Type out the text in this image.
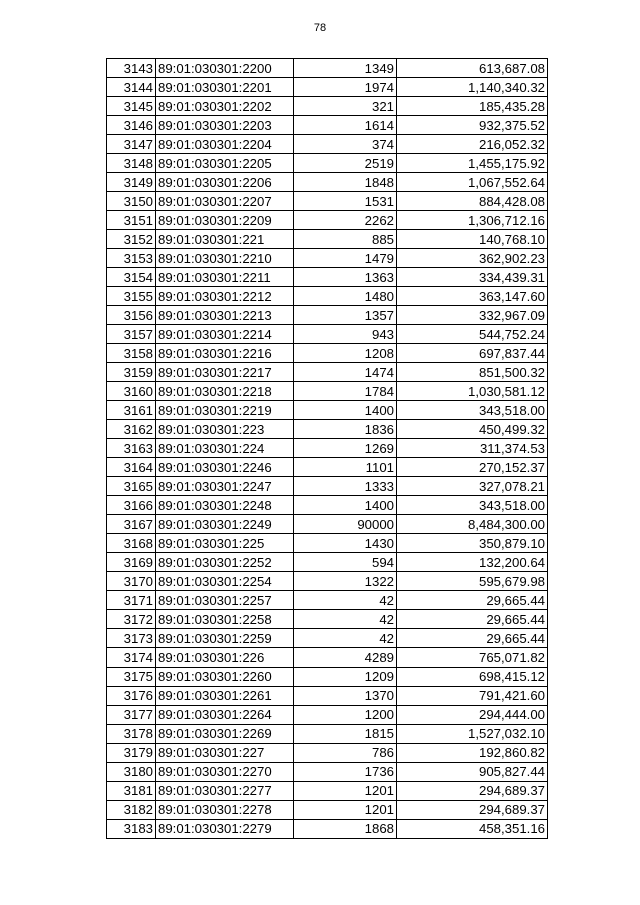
78
3143	89:01:030301:2200	1349	613,687.08
3144	89:01:030301:2201	1974	1,140,340.32
3145	89:01:030301:2202	321	185,435.28
3146	89:01:030301:2203	1614	932,375.52
3147	89:01:030301:2204	374	216,052.32
3148	89:01:030301:2205	2519	1,455,175.92
3149	89:01:030301:2206	1848	1,067,552.64
3150	89:01:030301:2207	1531	884,428.08
3151	89:01:030301:2209	2262	1,306,712.16
3152	89:01:030301:221	885	140,768.10
3153	89:01:030301:2210	1479	362,902.23
3154	89:01:030301:2211	1363	334,439.31
3155	89:01:030301:2212	1480	363,147.60
3156	89:01:030301:2213	1357	332,967.09
3157	89:01:030301:2214	943	544,752.24
3158	89:01:030301:2216	1208	697,837.44
3159	89:01:030301:2217	1474	851,500.32
3160	89:01:030301:2218	1784	1,030,581.12
3161	89:01:030301:2219	1400	343,518.00
3162	89:01:030301:223	1836	450,499.32
3163	89:01:030301:224	1269	311,374.53
3164	89:01:030301:2246	1101	270,152.37
3165	89:01:030301:2247	1333	327,078.21
3166	89:01:030301:2248	1400	343,518.00
3167	89:01:030301:2249	90000	8,484,300.00
3168	89:01:030301:225	1430	350,879.10
3169	89:01:030301:2252	594	132,200.64
3170	89:01:030301:2254	1322	595,679.98
3171	89:01:030301:2257	42	29,665.44
3172	89:01:030301:2258	42	29,665.44
3173	89:01:030301:2259	42	29,665.44
3174	89:01:030301:226	4289	765,071.82
3175	89:01:030301:2260	1209	698,415.12
3176	89:01:030301:2261	1370	791,421.60
3177	89:01:030301:2264	1200	294,444.00
3178	89:01:030301:2269	1815	1,527,032.10
3179	89:01:030301:227	786	192,860.82
3180	89:01:030301:2270	1736	905,827.44
3181	89:01:030301:2277	1201	294,689.37
3182	89:01:030301:2278	1201	294,689.37
3183	89:01:030301:2279	1868	458,351.16
